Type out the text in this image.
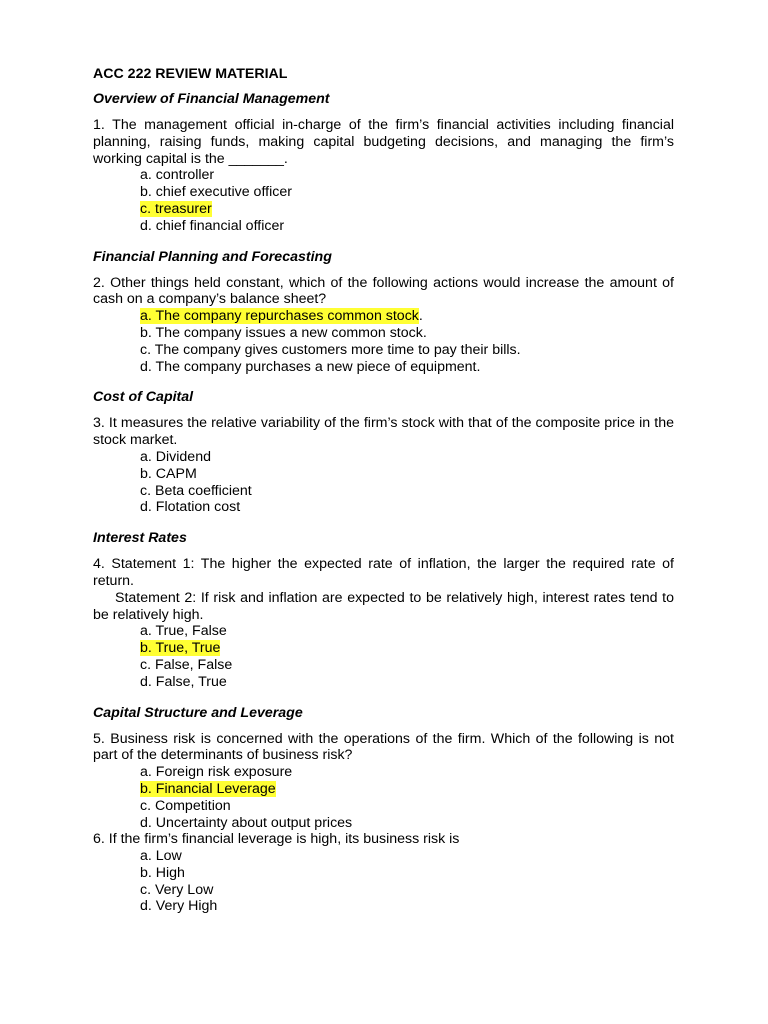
ACC 222 REVIEW MATERIAL
Overview of Financial Management
1. The management official in-charge of the firm’s financial activities including financial planning, raising funds, making capital budgeting decisions, and managing the firm’s working capital is the _______.
a. controller
b. chief executive officer
c. treasurer
d. chief financial officer
Financial Planning and Forecasting
2. Other things held constant, which of the following actions would increase the amount of cash on a company’s balance sheet?
a. The company repurchases common stock.
b. The company issues a new common stock.
c. The company gives customers more time to pay their bills.
d. The company purchases a new piece of equipment.
Cost of Capital
3. It measures the relative variability of the firm’s stock with that of the composite price in the stock market.
a. Dividend
b. CAPM
c. Beta coefficient
d. Flotation cost
Interest Rates
4. Statement 1: The higher the expected rate of inflation, the larger the required rate of return.
Statement 2: If risk and inflation are expected to be relatively high, interest rates tend to be relatively high.
a. True, False
b. True, True
c. False, False
d. False, True
Capital Structure and Leverage
5. Business risk is concerned with the operations of the firm. Which of the following is not part of the determinants of business risk?
a. Foreign risk exposure
b. Financial Leverage
c. Competition
d. Uncertainty about output prices
6. If the firm’s financial leverage is high, its business risk is
a. Low
b. High
c. Very Low
d. Very High
